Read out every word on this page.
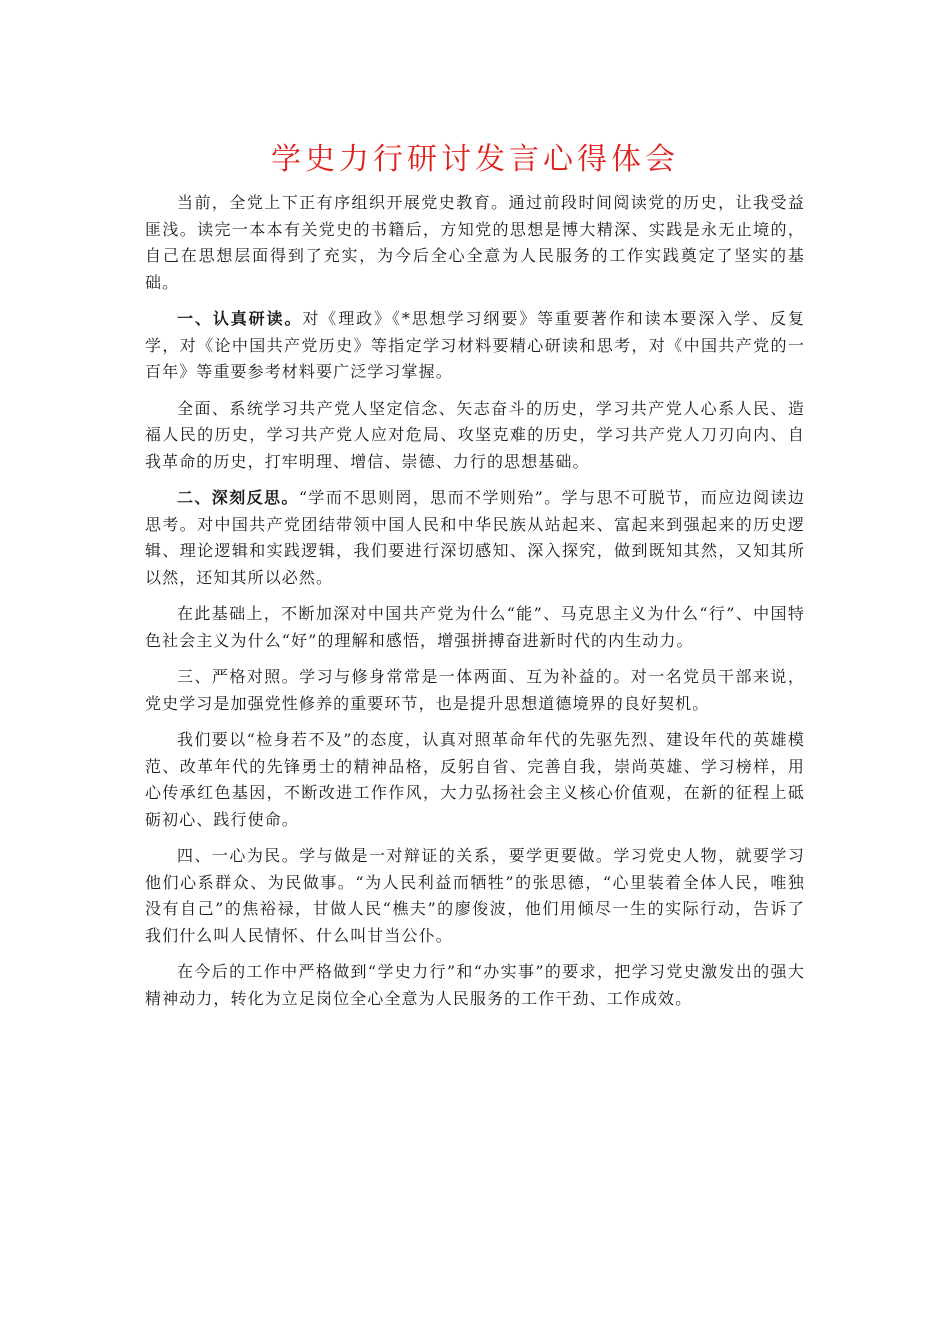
学史力行研讨发言心得体会

当前，全党上下正有序组织开展党史教育。通过前段时间阅读党的历史，让我受益匪浅。读完一本本有关党史的书籍后，方知党的思想是博大精深、实践是永无止境的，自己在思想层面得到了充实，为今后全心全意为人民服务的工作实践奠定了坚实的基础。

一、认真研读。对《理政》《*思想学习纲要》等重要著作和读本要深入学、反复学，对《论中国共产党历史》等指定学习材料要精心研读和思考，对《中国共产党的一百年》等重要参考材料要广泛学习掌握。

全面、系统学习共产党人坚定信念、矢志奋斗的历史，学习共产党人心系人民、造福人民的历史，学习共产党人应对危局、攻坚克难的历史，学习共产党人刀刃向内、自我革命的历史，打牢明理、增信、崇德、力行的思想基础。

二、深刻反思。“学而不思则罔，思而不学则殆”。学与思不可脱节，而应边阅读边思考。对中国共产党团结带领中国人民和中华民族从站起来、富起来到强起来的历史逻辑、理论逻辑和实践逻辑，我们要进行深切感知、深入探究，做到既知其然，又知其所以然，还知其所以必然。

在此基础上，不断加深对中国共产党为什么“能”、马克思主义为什么“行”、中国特色社会主义为什么“好”的理解和感悟，增强拼搏奋进新时代的内生动力。

三、严格对照。学习与修身常常是一体两面、互为补益的。对一名党员干部来说，党史学习是加强党性修养的重要环节，也是提升思想道德境界的良好契机。

我们要以“检身若不及”的态度，认真对照革命年代的先驱先烈、建设年代的英雄模范、改革年代的先锋勇士的精神品格，反躬自省、完善自我，崇尚英雄、学习榜样，用心传承红色基因，不断改进工作作风，大力弘扬社会主义核心价值观，在新的征程上砥砺初心、践行使命。

四、一心为民。学与做是一对辩证的关系，要学更要做。学习党史人物，就要学习他们心系群众、为民做事。“为人民利益而牺牲”的张思德，“心里装着全体人民，唯独没有自己”的焦裕禄，甘做人民“樵夫”的廖俊波，他们用倾尽一生的实际行动，告诉了我们什么叫人民情怀、什么叫甘当公仆。

在今后的工作中严格做到“学史力行”和“办实事”的要求，把学习党史激发出的强大精神动力，转化为立足岗位全心全意为人民服务的工作干劲、工作成效。
